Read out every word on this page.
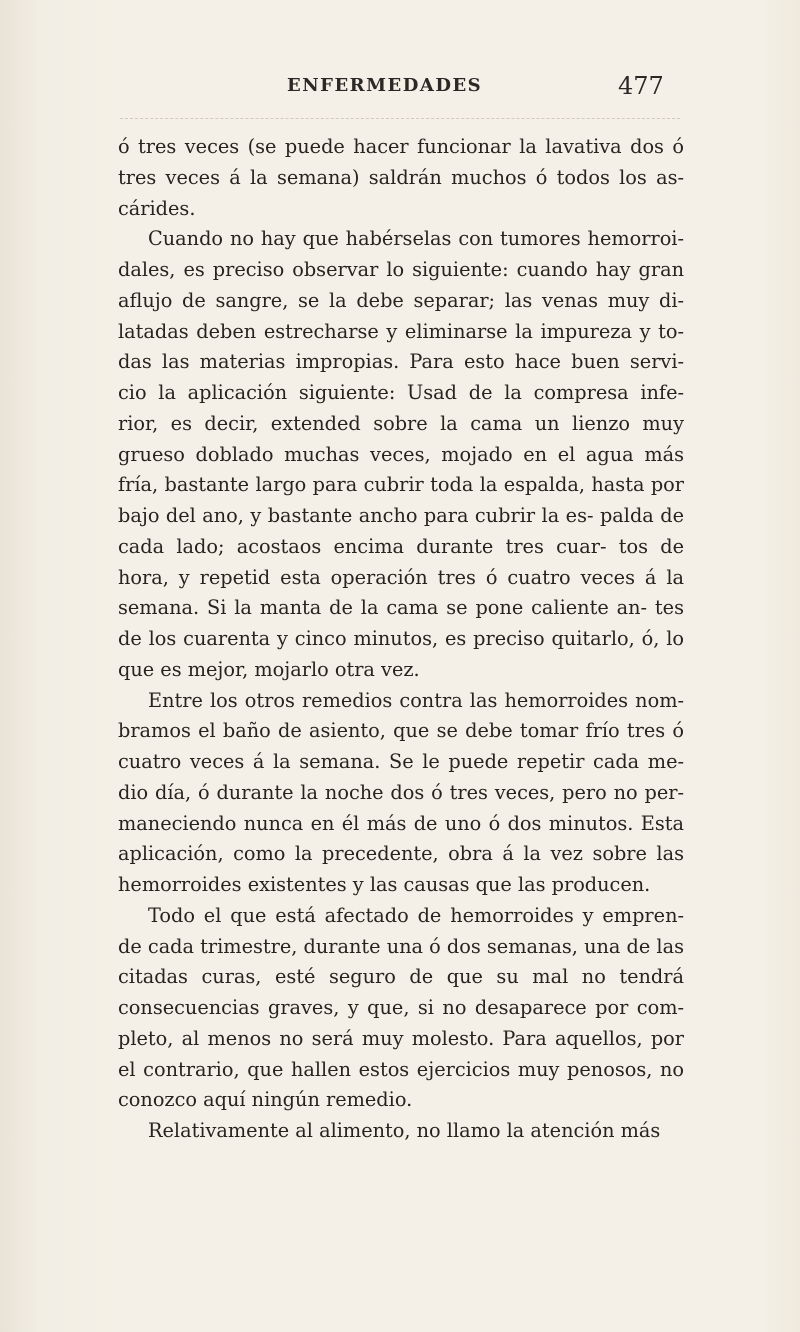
ENFERMEDADES	477

ó tres veces (se puede hacer funcionar la lavativa dos ó tres veces á la semana) saldrán muchos ó todos los as- cárides.

Cuando no hay que habérselas con tumores hemorroi- dales, es preciso observar lo siguiente: cuando hay gran aflujo de sangre, se la debe separar; las venas muy di- latadas deben estrecharse y eliminarse la impureza y to- das las materias impropias. Para esto hace buen servi- cio la aplicación siguiente: Usad de la compresa infe- rior, es decir, extended sobre la cama un lienzo muy grueso doblado muchas veces, mojado en el agua más fría, bastante largo para cubrir toda la espalda, hasta por bajo del ano, y bastante ancho para cubrir la es- palda de cada lado; acostaos encima durante tres cuar- tos de hora, y repetid esta operación tres ó cuatro veces á la semana. Si la manta de la cama se pone caliente an- tes de los cuarenta y cinco minutos, es preciso quitarlo, ó, lo que es mejor, mojarlo otra vez.

Entre los otros remedios contra las hemorroides nom- bramos el baño de asiento, que se debe tomar frío tres ó cuatro veces á la semana. Se le puede repetir cada me- dio día, ó durante la noche dos ó tres veces, pero no per- maneciendo nunca en él más de uno ó dos minutos. Esta aplicación, como la precedente, obra á la vez sobre las hemorroides existentes y las causas que las producen.

Todo el que está afectado de hemorroides y empren- de cada trimestre, durante una ó dos semanas, una de las citadas curas, esté seguro de que su mal no tendrá consecuencias graves, y que, si no desaparece por com- pleto, al menos no será muy molesto. Para aquellos, por el contrario, que hallen estos ejercicios muy penosos, no conozco aquí ningún remedio.

Relativamente al alimento, no llamo la atención más
